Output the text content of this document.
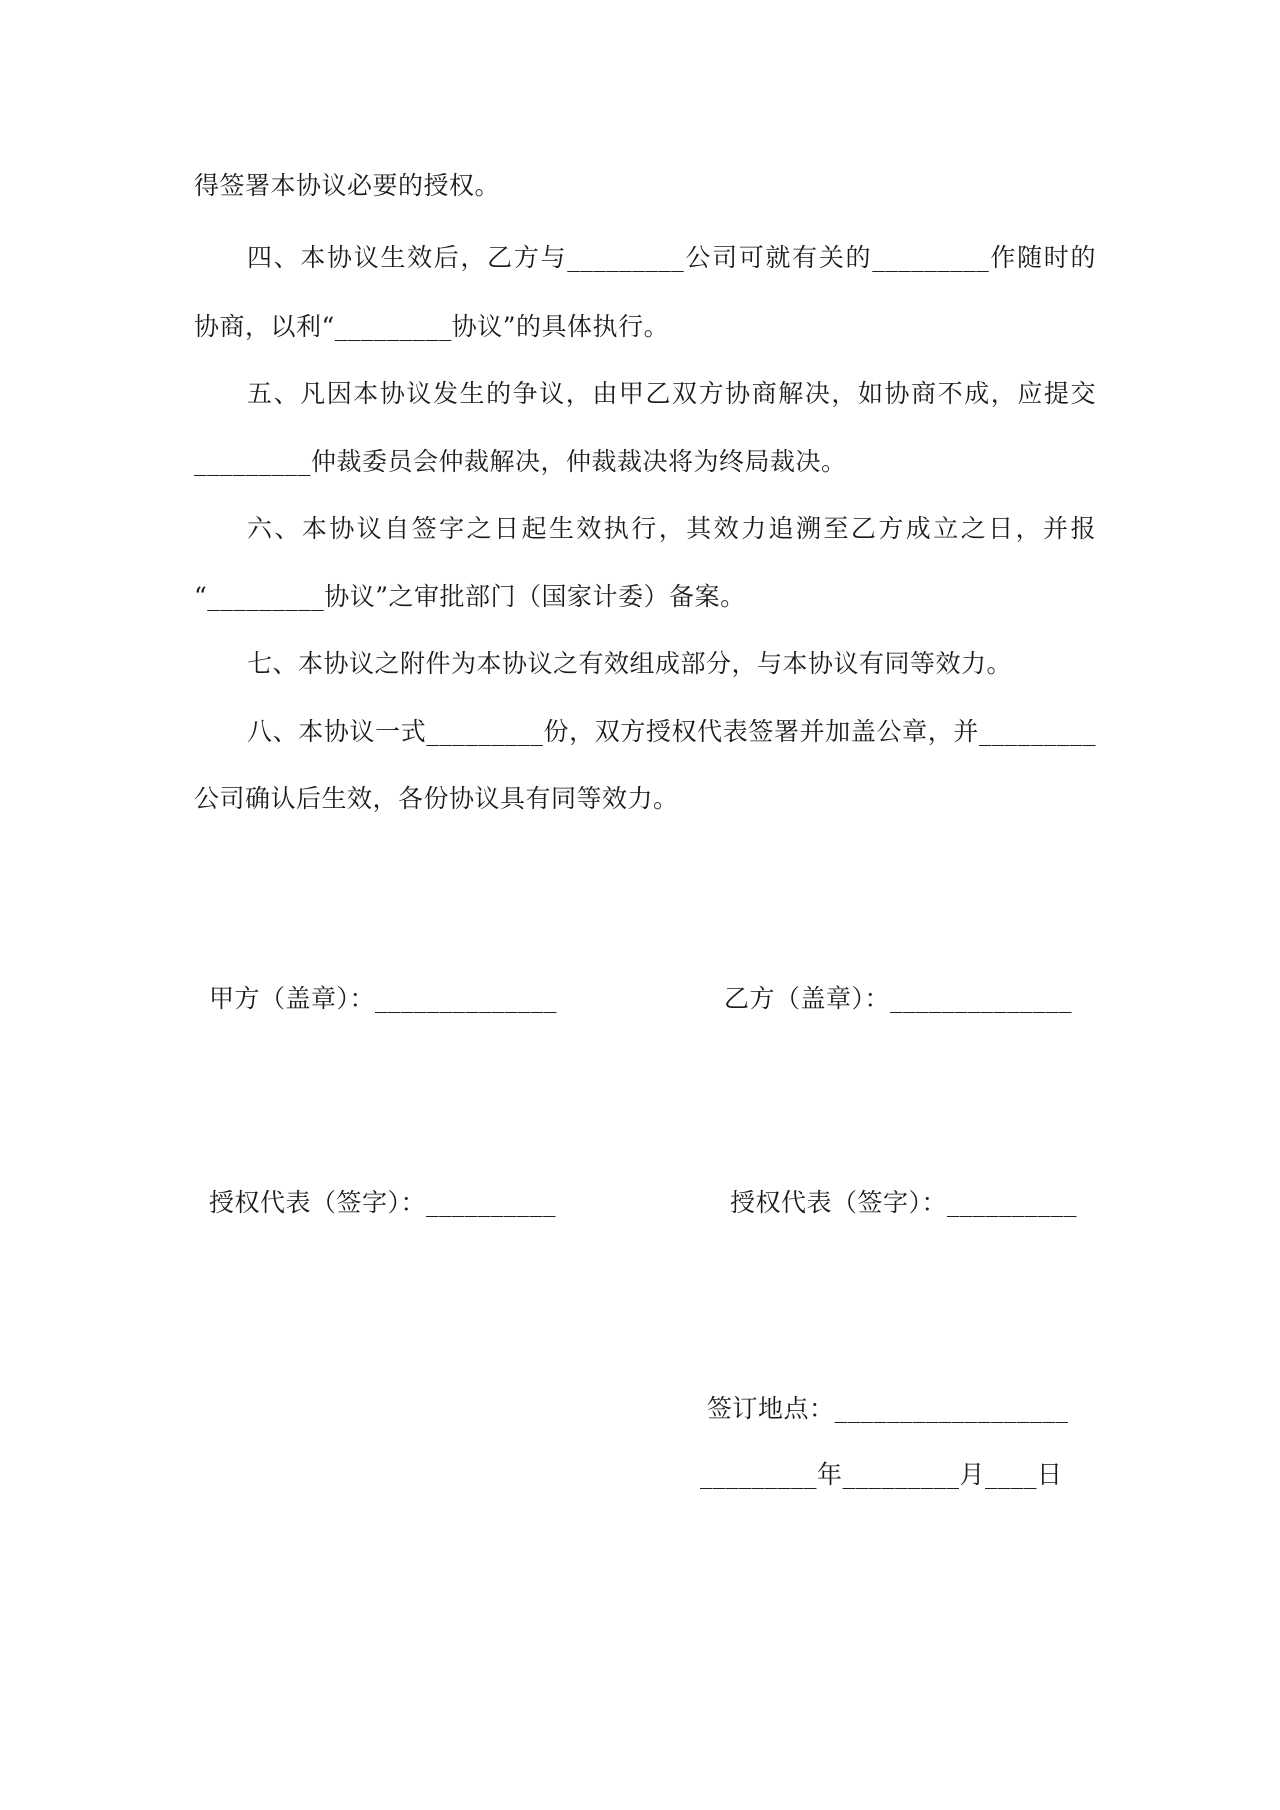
得签署本协议必要的授权。
四、本协议生效后，乙方与_________公司可就有关的_________作随时的
协商，以利“_________协议”的具体执行。
五、凡因本协议发生的争议，由甲乙双方协商解决，如协商不成，应提交
_________仲裁委员会仲裁解决，仲裁裁决将为终局裁决。
六、本协议自签字之日起生效执行，其效力追溯至乙方成立之日，并报
“_________协议”之审批部门（国家计委）备案。
七、本协议之附件为本协议之有效组成部分，与本协议有同等效力。
八、本协议一式_________份，双方授权代表签署并加盖公章，并_________
公司确认后生效，各份协议具有同等效力。
甲方（盖章）：______________	乙方（盖章）：______________
授权代表（签字）：__________	授权代表（签字）：__________
签订地点：__________________
_________年_________月____日
